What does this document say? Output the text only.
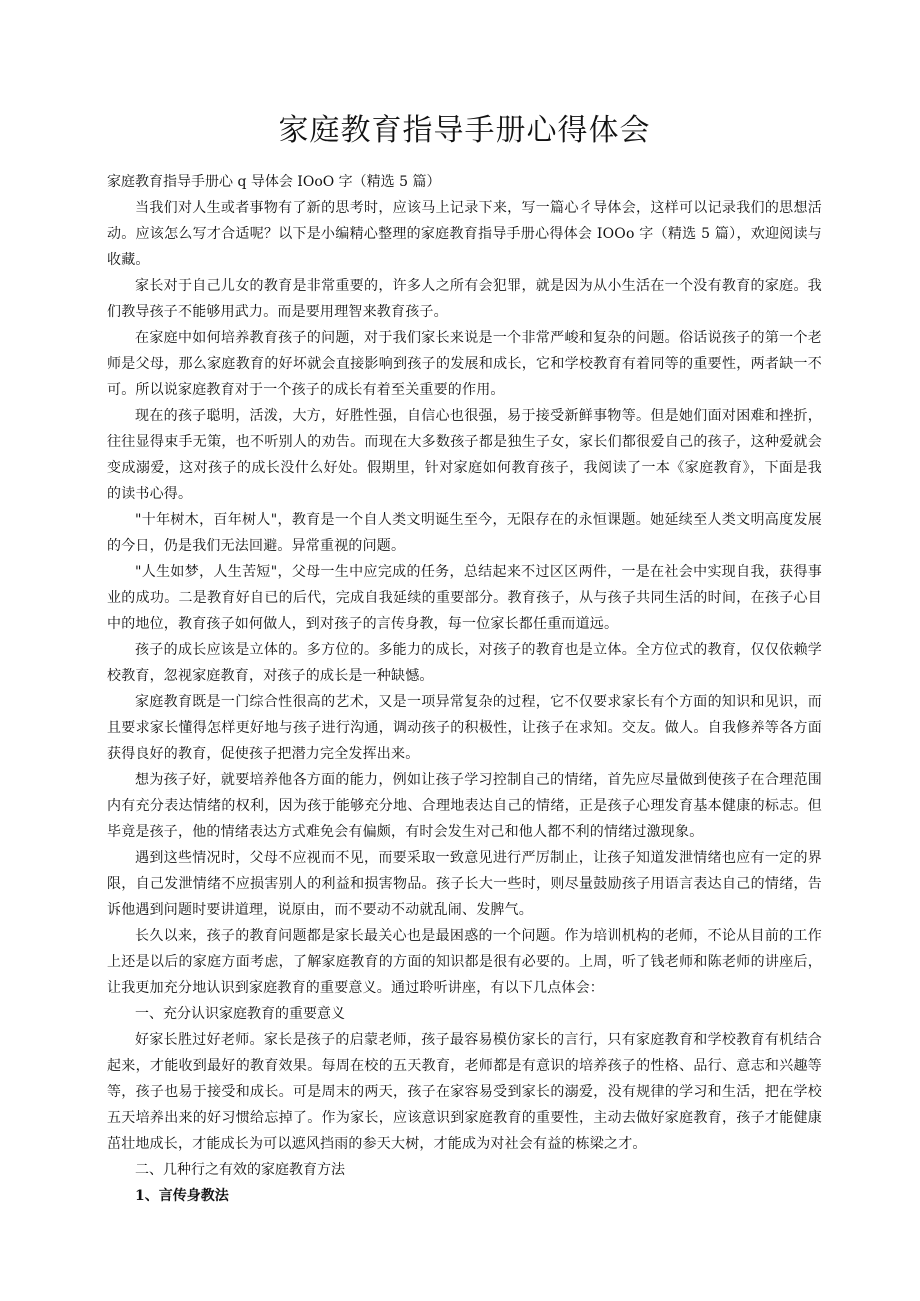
家庭教育指导手册心得体会

家庭教育指导手册心 q 导体会 IOoO 字（精选 5 篇）

当我们对人生或者事物有了新的思考时，应该马上记录下来，写一篇心彳导体会，这样可以记录我们的思想活动。应该怎么写才合适呢？以下是小编精心整理的家庭教育指导手册心得体会 IOOo 字（精选 5 篇），欢迎阅读与收藏。

家长对于自己儿女的教育是非常重要的，许多人之所有会犯罪，就是因为从小生活在一个没有教育的家庭。我们教导孩子不能够用武力。而是要用理智来教育孩子。

在家庭中如何培养教育孩子的问题，对于我们家长来说是一个非常严峻和复杂的问题。俗话说孩子的第一个老师是父母，那么家庭教育的好坏就会直接影响到孩子的发展和成长，它和学校教育有着同等的重要性，两者缺一不可。所以说家庭教育对于一个孩子的成长有着至关重要的作用。

现在的孩子聪明，活泼，大方，好胜性强，自信心也很强，易于接受新鲜事物等。但是她们面对困难和挫折，往往显得束手无策，也不听别人的劝告。而现在大多数孩子都是独生子女，家长们都很爱自己的孩子，这种爱就会变成溺爱，这对孩子的成长没什么好处。假期里，针对家庭如何教育孩子，我阅读了一本《家庭教育》，下面是我的读书心得。

"十年树木，百年树人"，教育是一个自人类文明诞生至今，无限存在的永恒课题。她延续至人类文明高度发展的今日，仍是我们无法回避。异常重视的问题。

"人生如梦，人生苦短"，父母一生中应完成的任务，总结起来不过区区两件，一是在社会中实现自我，获得事业的成功。二是教育好自已的后代，完成自我延续的重要部分。教育孩子，从与孩子共同生活的时间，在孩子心目中的地位，教育孩子如何做人，到对孩子的言传身教，每一位家长都任重而道远。

孩子的成长应该是立体的。多方位的。多能力的成长，对孩子的教育也是立体。全方位式的教育，仅仅依赖学校教育，忽视家庭教育，对孩子的成长是一种缺憾。

家庭教育既是一门综合性很高的艺术，又是一项异常复杂的过程，它不仅要求家长有个方面的知识和见识，而且要求家长懂得怎样更好地与孩子进行沟通，调动孩子的积极性，让孩子在求知。交友。做人。自我修养等各方面获得良好的教育，促使孩子把潜力完全发挥出来。

想为孩子好，就要培养他各方面的能力，例如让孩子学习控制自己的情绪，首先应尽量做到使孩子在合理范围内有充分表达情绪的权利，因为孩于能够充分地、合理地表达自己的情绪，正是孩子心理发育基本健康的标志。但毕竟是孩子，他的情绪表达方式难免会有偏颇，有时会发生对己和他人都不利的情绪过激现象。

遇到这些情况时，父母不应视而不见，而要采取一致意见进行严厉制止，让孩子知道发泄情绪也应有一定的界限，自己发泄情绪不应损害别人的利益和损害物品。孩子长大一些时，则尽量鼓励孩子用语言表达自己的情绪，告诉他遇到问题时要讲道理，说原由，而不要动不动就乱闹、发脾气。

长久以来，孩子的教育问题都是家长最关心也是最困惑的一个问题。作为培训机构的老师，不论从目前的工作上还是以后的家庭方面考虑，了解家庭教育的方面的知识都是很有必要的。上周，听了钱老师和陈老师的讲座后，让我更加充分地认识到家庭教育的重要意义。通过聆听讲座，有以下几点体会：

一、充分认识家庭教育的重要意义

好家长胜过好老师。家长是孩子的启蒙老师，孩子最容易模仿家长的言行，只有家庭教育和学校教育有机结合起来，才能收到最好的教育效果。每周在校的五天教育，老师都是有意识的培养孩子的性格、品行、意志和兴趣等等，孩子也易于接受和成长。可是周末的两天，孩子在家容易受到家长的溺爱，没有规律的学习和生活，把在学校五天培养出来的好习惯给忘掉了。作为家长，应该意识到家庭教育的重要性，主动去做好家庭教育，孩子才能健康茁壮地成长，才能成长为可以遮风挡雨的参天大树，才能成为对社会有益的栋梁之才。

二、几种行之有效的家庭教育方法

1、言传身教法
